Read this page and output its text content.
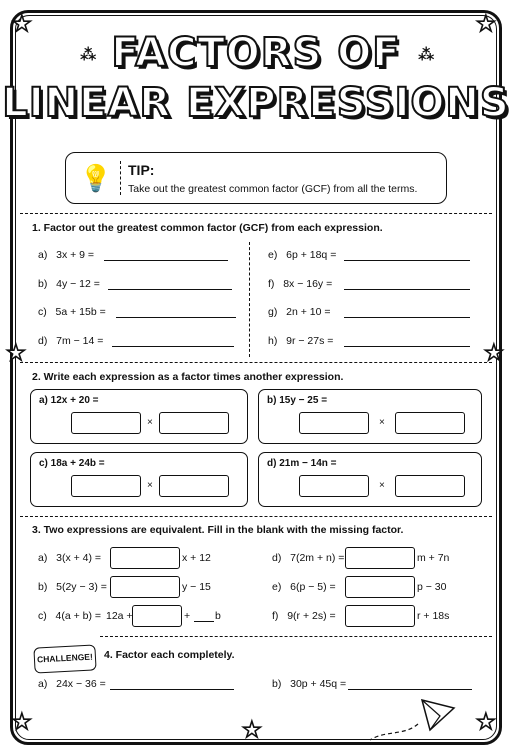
★	★
★	★
★	★
★
⁂	⁂
FACTORS OF
LINEAR EXPRESSIONS
💡 TIP:
Take out the greatest common factor (GCF) from all the terms.
1. Factor out the greatest common factor (GCF) from each expression.
a) 3x + 9 =
b) 4y − 12 =
c) 5a + 15b =
d) 7m − 14 =
e) 6p + 18q =
f) 8x − 16y =
g) 2n + 10 =
h) 9r − 27s =
2. Write each expression as a factor times another expression.
a) 12x + 20 =
×
b) 15y − 25 =
×
c) 18a + 24b =
×
d) 21m − 14n =
×
3. Two expressions are equivalent. Fill in the blank with the missing factor.
a) 3(x + 4) =	x + 12
b) 5(2y − 3) =	y − 15
c) 4(a + b) = 12a +	+ b
d) 7(2m + n) =	m + 7n
e) 6(p − 5) =	p − 30
f) 9(r + 2s) =	r + 18s
CHALLENGE!	4. Factor each completely.
a) 24x − 36 =	b) 30p + 45q =
